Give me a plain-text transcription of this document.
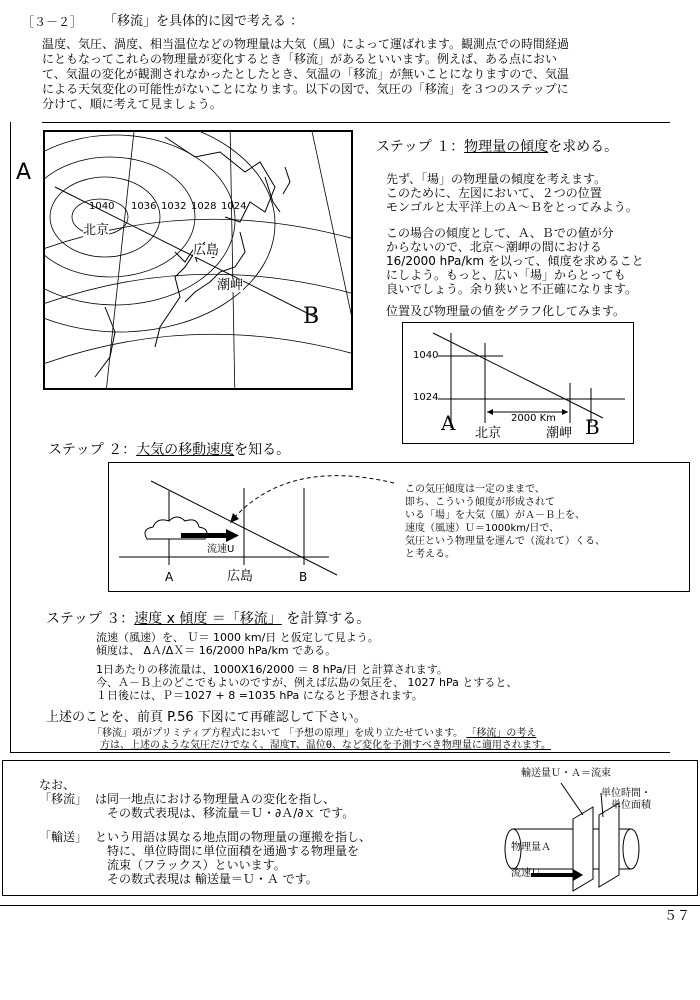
［３－２］ 「移流」を具体的に図で考える ：
温度、気圧、渦度、相当温位などの物理量は大気（風）によって運ばれます。観測点での時間経過
にともなってこれらの物理量が変化するとき「移流」があるといいます。例えば、ある点におい
て、気温の変化が観測されなかったとしたとき、気温の「移流」が無いことになりますので、気温
による天気変化の可能性がないことになります。以下の図で、気圧の「移流」を３つのステップに
分けて、順に考えて見ましょう。
1040 1036 1032 1028 1024
北京
広島
潮岬
A
B
ステップ １：物理量の傾度を求める。
先ず、「場」の物理量の傾度を考えます。
このために、左図において、２つの位置
モンゴルと太平洋上のＡ～Ｂをとってみよう。
この場合の傾度として、Ａ、Ｂでの値が分
からないので、北京～潮岬の間における
16/2000 hPa/km を以って、傾度を求めること
にしよう。もっと、広い「場」からとっても
良いでしょう。余り狭いと不正確になります。
位置及び物理量の値をグラフ化してみます。
1040
1024
2000 Km
A 北京	潮岬 B
ステップ ２：大気の移動速度を知る。
流速U
A	広島	B
この気圧傾度は一定のままで、
即ち、こういう傾度が形成されて
いる「場」を大気（風）がＡ－Ｂ上を、
速度（風速）Ｕ＝1000km/日で、
気圧という物理量を運んで（流れて）くる、
と考える。
ステップ ３：速度 x 傾度 ＝「移流」 を計算する。
流速（風速）を、 Ｕ＝ 1000 km/日 と仮定して見よう。
傾度は、 ΔＡ/ΔＸ＝ 16/2000 hPa/km である。
1日あたりの移流量は、1000X16/2000 ＝ 8 hPa/日 と計算されます。
今、Ａ－Ｂ上のどこでもよいのですが、例えば広島の気圧を、 1027 hPa とすると、
１日後には、Ｐ＝1027 + 8 =1035 hPa になると予想されます。
上述のことを、前頁 P.56 下図にて再確認して下さい。
「移流」項がプリミティブ方程式において 「予想の原理」を成り立たせています。 「移流」の考え
方は、上述のような気圧だけでなく、湿度T、温位θ、など変化を予測すべき物理量に適用されます。
なお、
「移流」 は同一地点における物理量Ａの変化を指し、
その数式表現は、移流量＝Ｕ・∂Ａ/∂ｘ です。
「輸送」 という用語は異なる地点間の物理量の運搬を指し、
特に、単位時間に単位面積を通過する物理量を
流束（フラックス）といいます。
その数式表現は 輸送量＝Ｕ・Ａ です。
輸送量Ｕ・Ａ＝流束
単位時間・
単位面積
物理量Ａ
流速Ｕ
５７
